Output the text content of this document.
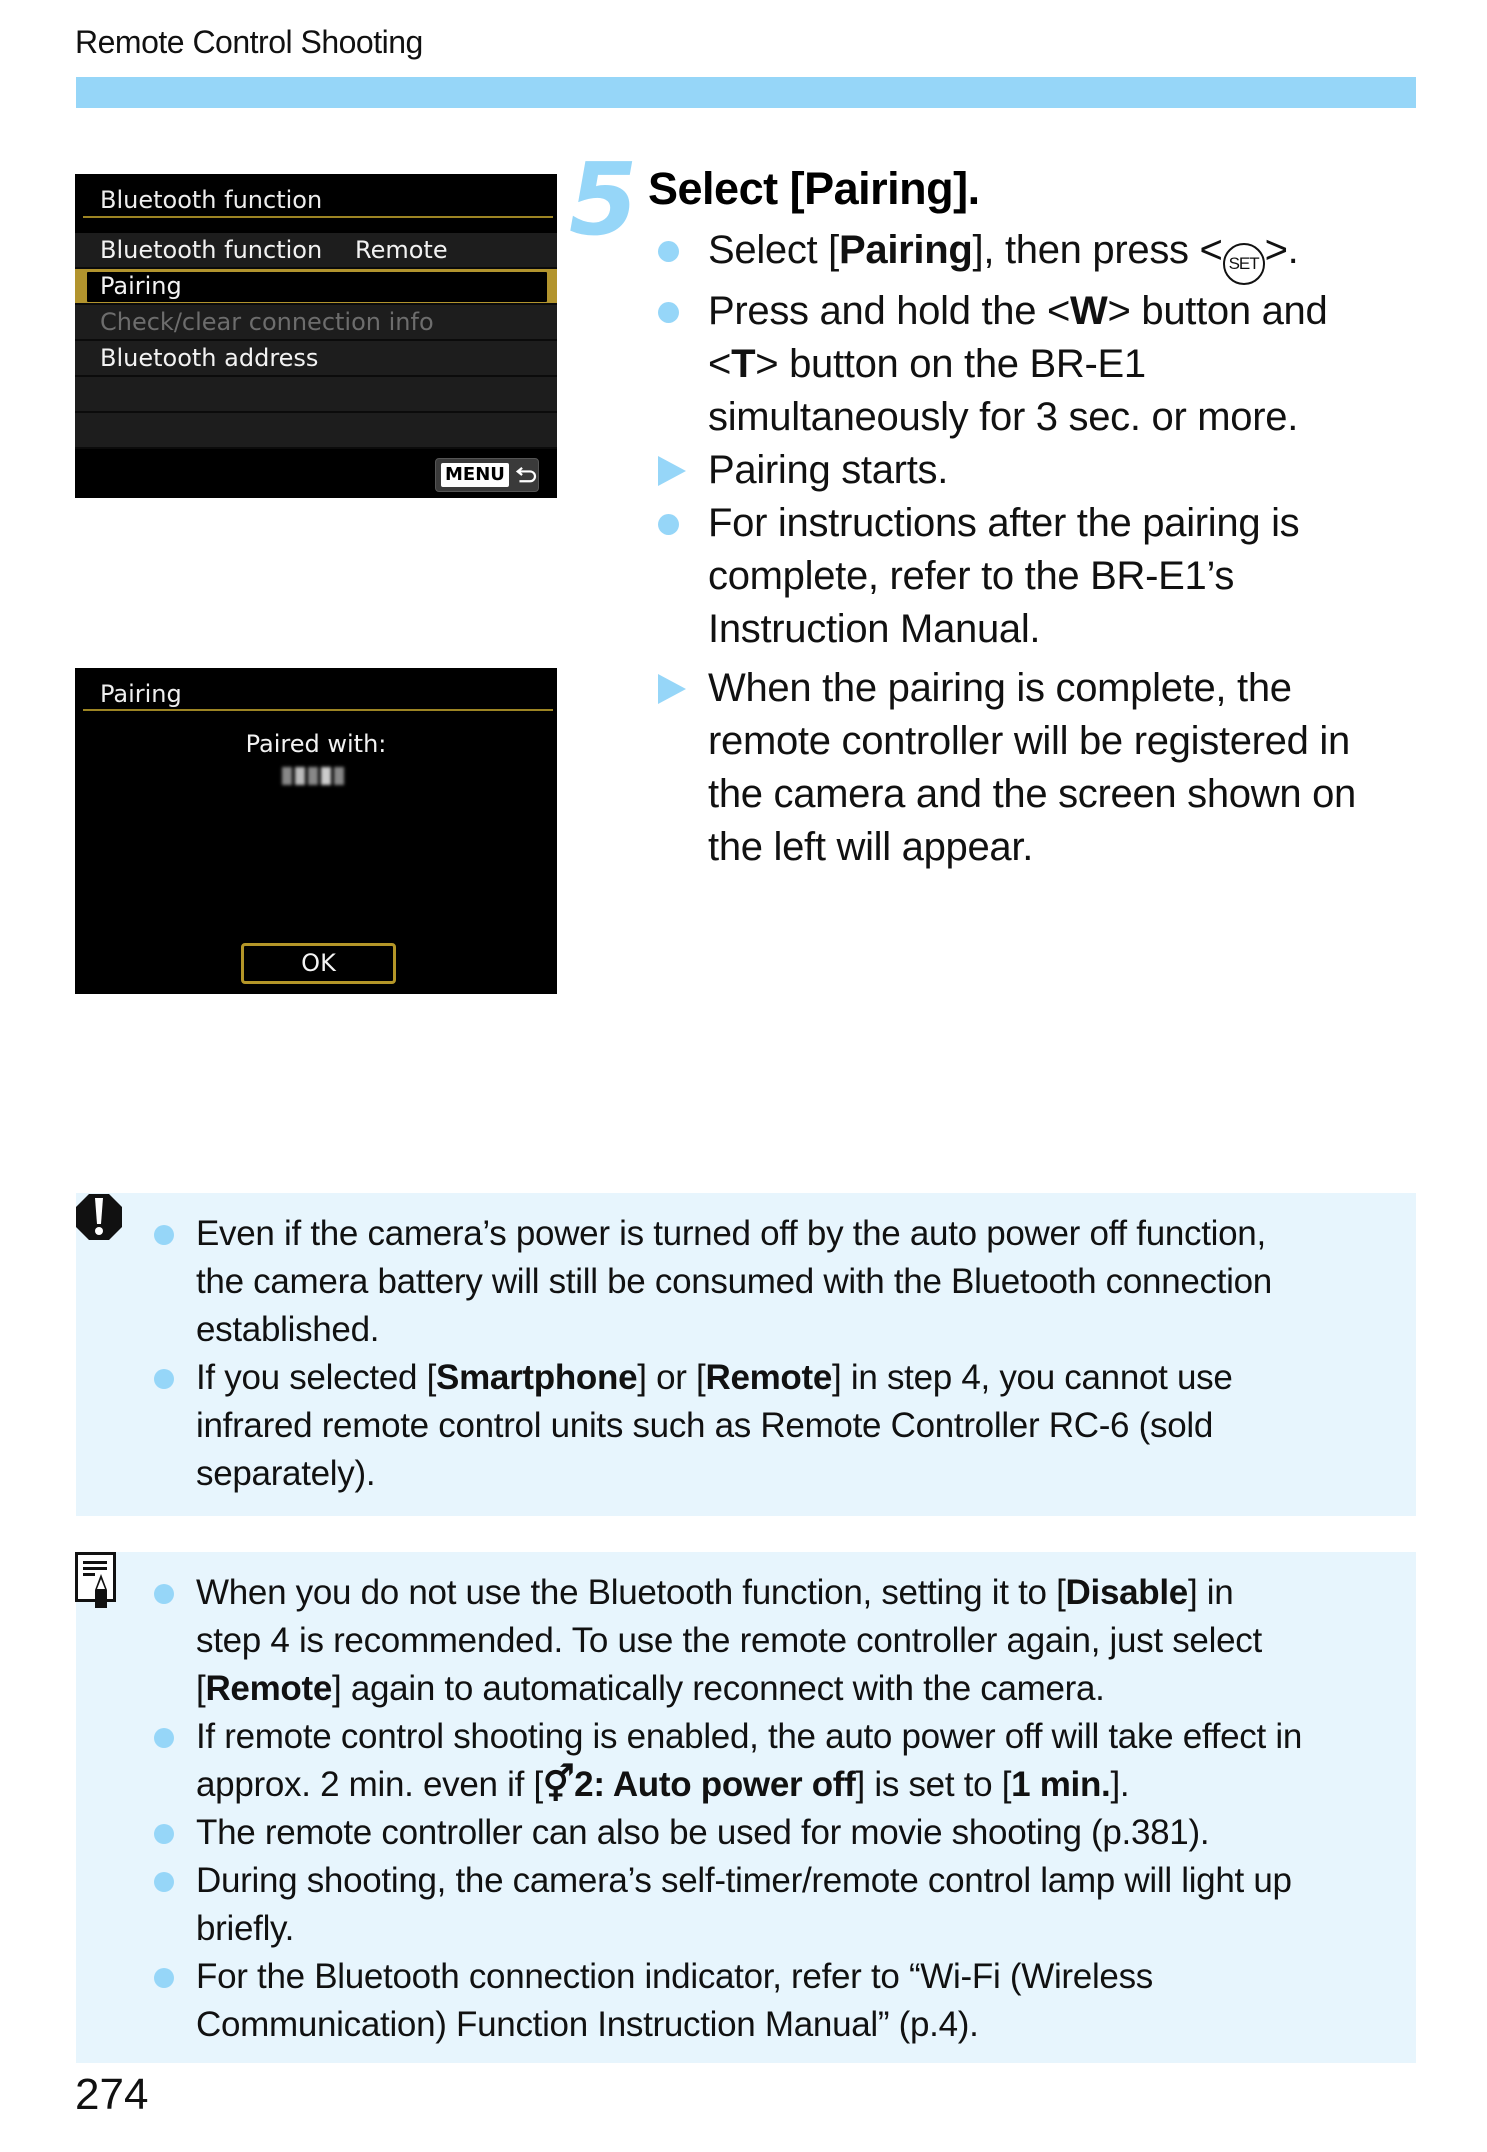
Remote Control Shooting
Bluetooth function
Bluetooth function Remote
Pairing
Check/clear connection info
Bluetooth address
MENU
Pairing
Paired with:
OK
5 Select [Pairing].
Select [Pairing], then press < SET >.
Press and hold the <W> button and
<T> button on the BR-E1
simultaneously for 3 sec. or more.
Pairing starts.
For instructions after the pairing is
complete, refer to the BR-E1’s
Instruction Manual.
When the pairing is complete, the
remote controller will be registered in
the camera and the screen shown on
the left will appear.
Even if the camera’s power is turned off by the auto power off function,
the camera battery will still be consumed with the Bluetooth connection
established.
If you selected [Smartphone] or [Remote] in step 4, you cannot use
infrared remote control units such as Remote Controller RC-6 (sold
separately).
When you do not use the Bluetooth function, setting it to [Disable] in
step 4 is recommended. To use the remote controller again, just select
[Remote] again to automatically reconnect with the camera.
If remote control shooting is enabled, the auto power off will take effect in
approx. 2 min. even if [⚥2: Auto power off] is set to [1 min.].
The remote controller can also be used for movie shooting (p.381).
During shooting, the camera’s self-timer/remote control lamp will light up
briefly.
For the Bluetooth connection indicator, refer to “Wi-Fi (Wireless
Communication) Function Instruction Manual” (p.4).
274
